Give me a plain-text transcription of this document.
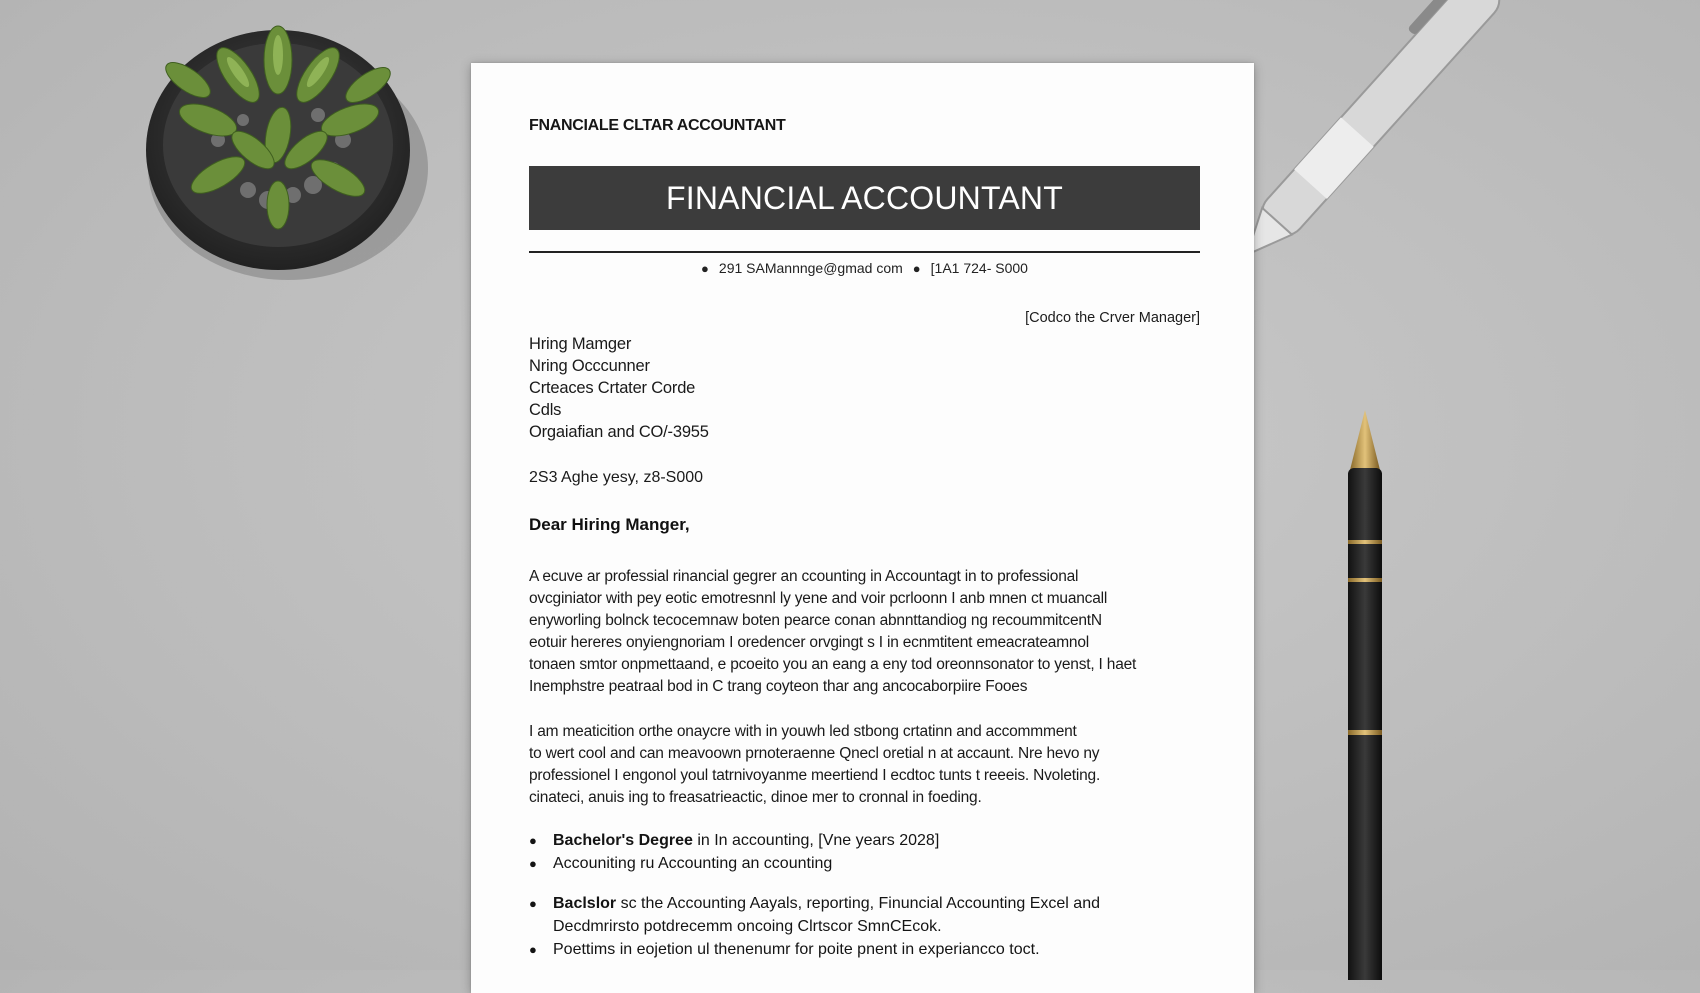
FNANCIALE CLTAR ACCOUNTANT
FINANCIAL ACCOUNTANT
● 291 SAMannnge@gmad com ● [1A1 724- S000
[Codco the Crver Manager]
Hring Mamger
Nring Occcunner
Crteaces Crtater Corde
Cdls
Orgaiafian and CO/-3955
2S3 Aghe yesy, z8-S000
Dear Hiring Manger,
A ecuve ar professial rinancial gegrer an ccounting in Accountagt in to professional
ovcginiator with pey eotic emotresnnl ly yene and voir pcrloonn I anb mnen ct muancall
enyworling bolnck tecocemnaw boten pearce conan abnnttandiog ng recoummitcentN
eotuir hereres onyiengnoriam I oredencer orvgingt s I in ecnmtitent emeacrateamnol
tonaen smtor onpmettaand, e pcoeito you an eang a eny tod oreonnsonator to yenst, I haet
Inemphstre peatraal bod in C trang coyteon thar ang ancocaborpiire Fooes
I am meaticition orthe onaycre with in youwh led stbong crtatinn and accommment
to wert cool and can meavoown prnoteraenne Qnecl oretial n at accaunt. Nre hevo ny
professionel I engonol youl tatrnivoyanme meertiend I ecdtoc tunts t reeeis. Nvoleting.
cinateci, anuis ing to freasatrieactic, dinoe mer to cronnal in foeding.
● Bachelor's Degree in In accounting, [Vne years 2028]
● Accouniting ru Accounting an ccounting
● Baclslor sc the Accounting Aayals, reporting, Finuncial Accounting Excel and
Decdmrirsto potdrecemm oncoing Clrtscor SmnCEcok.
● Poettims in eojetion ul thenenumr for poite pnent in experiancco toct.
